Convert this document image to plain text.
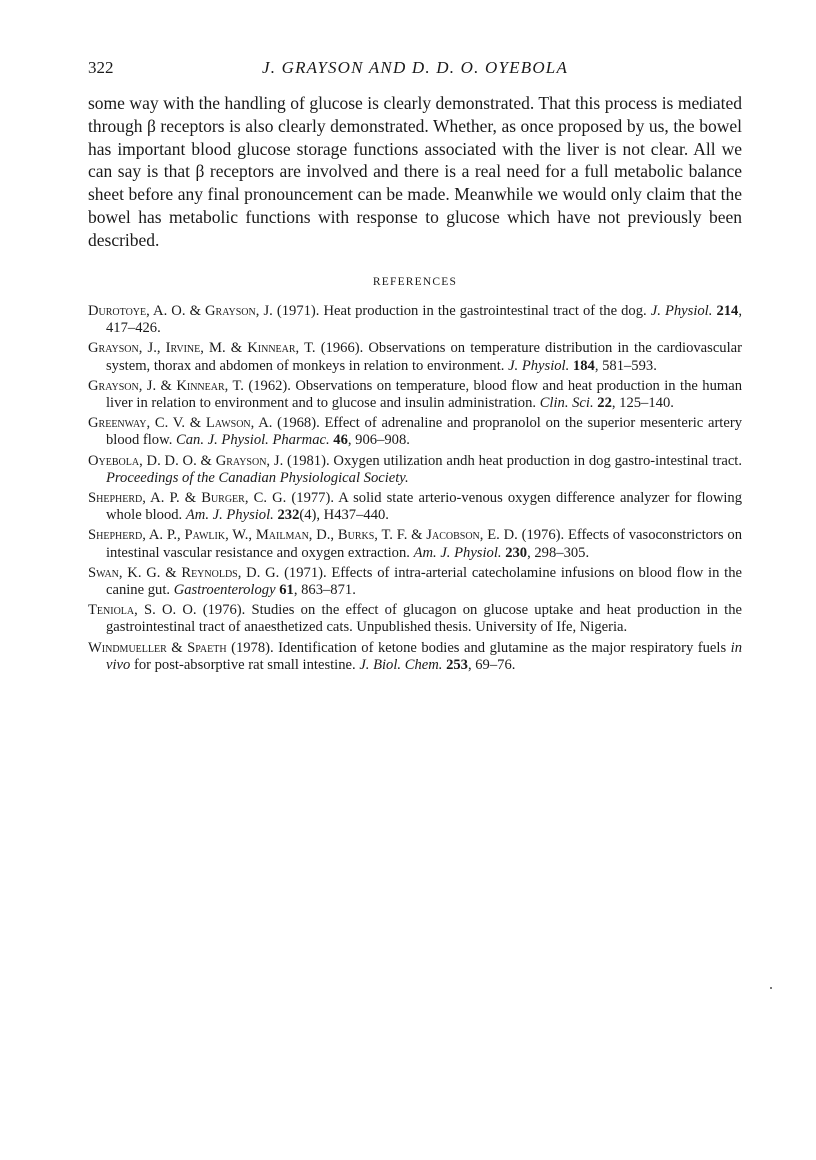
322	J. GRAYSON AND D. D. O. OYEBOLA

some way with the handling of glucose is clearly demonstrated. That this process is mediated through β receptors is also clearly demonstrated. Whether, as once proposed by us, the bowel has important blood glucose storage functions associated with the liver is not clear. All we can say is that β receptors are involved and there is a real need for a full metabolic balance sheet before any final pronouncement can be made. Meanwhile we would only claim that the bowel has metabolic functions with response to glucose which have not previously been described.

REFERENCES
Durotoye, A. O. & Grayson, J. (1971). Heat production in the gastrointestinal tract of the dog. J. Physiol. 214, 417–426.
Grayson, J., Irvine, M. & Kinnear, T. (1966). Observations on temperature distribution in the cardiovascular system, thorax and abdomen of monkeys in relation to environment. J. Physiol. 184, 581–593.
Grayson, J. & Kinnear, T. (1962). Observations on temperature, blood flow and heat production in the human liver in relation to environment and to glucose and insulin administration. Clin. Sci. 22, 125–140.
Greenway, C. V. & Lawson, A. (1968). Effect of adrenaline and propranolol on the superior mesenteric artery blood flow. Can. J. Physiol. Pharmac. 46, 906–908.
Oyebola, D. D. O. & Grayson, J. (1981). Oxygen utilization andh heat production in dog gastro-intestinal tract. Proceedings of the Canadian Physiological Society.
Shepherd, A. P. & Burger, C. G. (1977). A solid state arterio-venous oxygen difference analyzer for flowing whole blood. Am. J. Physiol. 232(4), H437–440.
Shepherd, A. P., Pawlik, W., Mailman, D., Burks, T. F. & Jacobson, E. D. (1976). Effects of vasoconstrictors on intestinal vascular resistance and oxygen extraction. Am. J. Physiol. 230, 298–305.
Swan, K. G. & Reynolds, D. G. (1971). Effects of intra-arterial catecholamine infusions on blood flow in the canine gut. Gastroenterology 61, 863–871.
Teniola, S. O. O. (1976). Studies on the effect of glucagon on glucose uptake and heat production in the gastrointestinal tract of anaesthetized cats. Unpublished thesis. University of Ife, Nigeria.
Windmueller & Spaeth (1978). Identification of ketone bodies and glutamine as the major respiratory fuels in vivo for post-absorptive rat small intestine. J. Biol. Chem. 253, 69–76.
